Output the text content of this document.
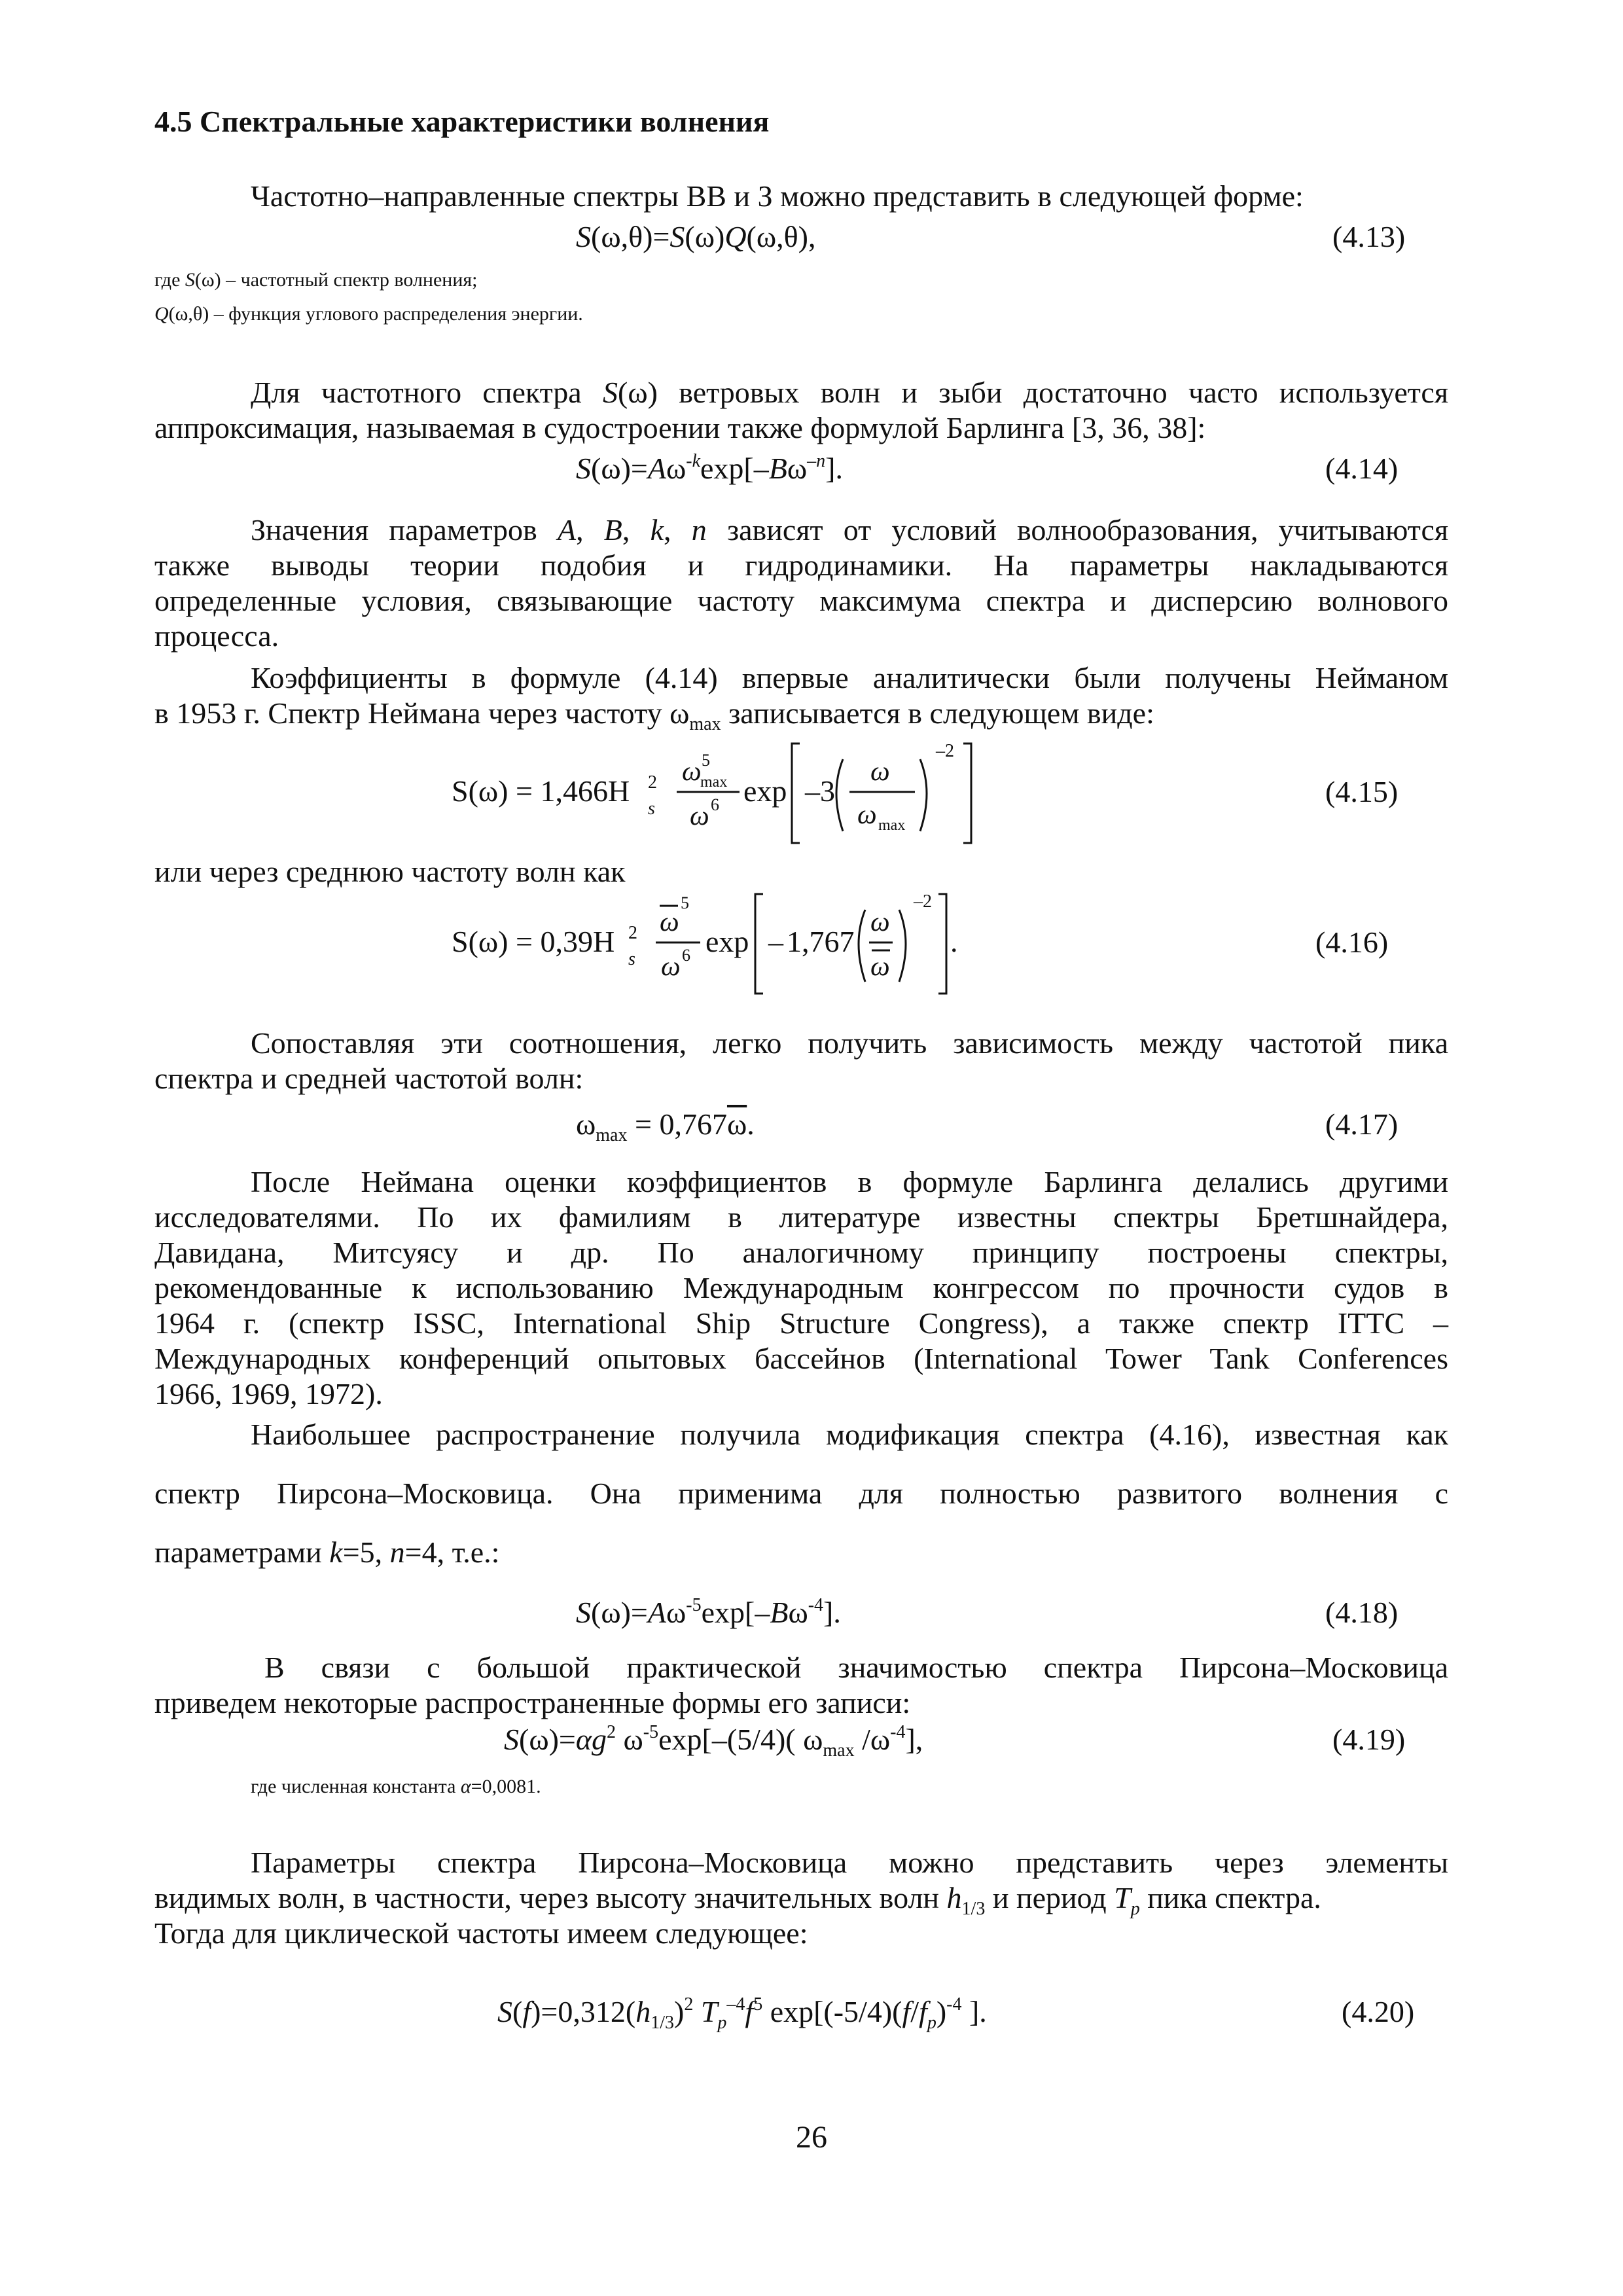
4.5 Спектральные характеристики волнения
Частотно–направленные спектры ВВ и З можно представить в следующей форме:
S(ω,θ)=S(ω)Q(ω,θ),	(4.13)
где S(ω) – частотный спектр волнения;
Q(ω,θ) – функция углового распределения энергии.
Для частотного спектра S(ω) ветровых волн и зыби достаточно часто используется
аппроксимация, называемая в судостроении также формулой Барлинга [3, 36, 38]:
$S(\omega)=A\omega^{-k}\exp[-B\omega^{-n}]$.	(4.14)
Значения параметров A, B, k, n зависят от условий волнообразования, учитываются
также выводы теории подобия и гидродинамики. На параметры накладываются
определенные условия, связывающие частоту максимума спектра и дисперсию волнового
процесса.
Коэффициенты в формуле (4.14) впервые аналитически были получены Нейманом
в 1953 г. Спектр Неймана через частоту $\omega_{max}$ записывается в следующем виде:
S(ω) = 1,466H 2
s
ω 5
max
ω 6 exp –3
ω
ω max
–2
(4.15)
или через среднюю частоту волн как
S(ω) = 0,39H 2
s
ω
5
ω 6 exp – 1,767
ω
ω
–2
.	(4.16)
Сопоставляя эти соотношения, легко получить зависимость между частотой пика
спектра и средней частотой волн:
$\omega_{max} = 0,767\overline{\omega}$.	(4.17)
После Неймана оценки коэффициентов в формуле Барлинга делались другими
исследователями. По их фамилиям в литературе известны спектры Бретшнайдера,
Давидана, Митсуясу и др. По аналогичному принципу построены спектры,
рекомендованные к использованию Международным конгрессом по прочности судов в
1964 г. (спектр ISSC, International Ship Structure Congress), а также спектр ITTC –
Международных конференций опытовых бассейнов (International Tower Tank Conferences
1966, 1969, 1972).
Наибольшее распространение получила модификация спектра (4.16), известная как
спектр Пирсона–Московица. Она применима для полностью развитого волнения с
параметрами k=5, n=4, т.е.:
$S(\omega)=A\omega^{-5}\exp[-B\omega^{-4}]$.	(4.18)
В связи с большой практической значимостью спектра Пирсона–Московица
приведем некоторые распространенные формы его записи:
$S(\omega)=\alpha g^2$ $\omega^{-5}\exp[-(5/4)$( $\omega_{max}$ $/\omega^{-4}$],	(4.19)
где численная константа α=0,0081.
Параметры спектра Пирсона–Московица можно представить через элементы
видимых волн, в частности, через высоту значительных волн $h_{1/3}$ и период $T_p$ пика спектра.
Тогда для циклической частоты имеем следующее:
$S(f)=0,312(h_{1/3})^2$ $T_p^{-4}f^5$ $\exp[(-5/4)(f/f_p)^{-4}$ ].	(4.20)
26
